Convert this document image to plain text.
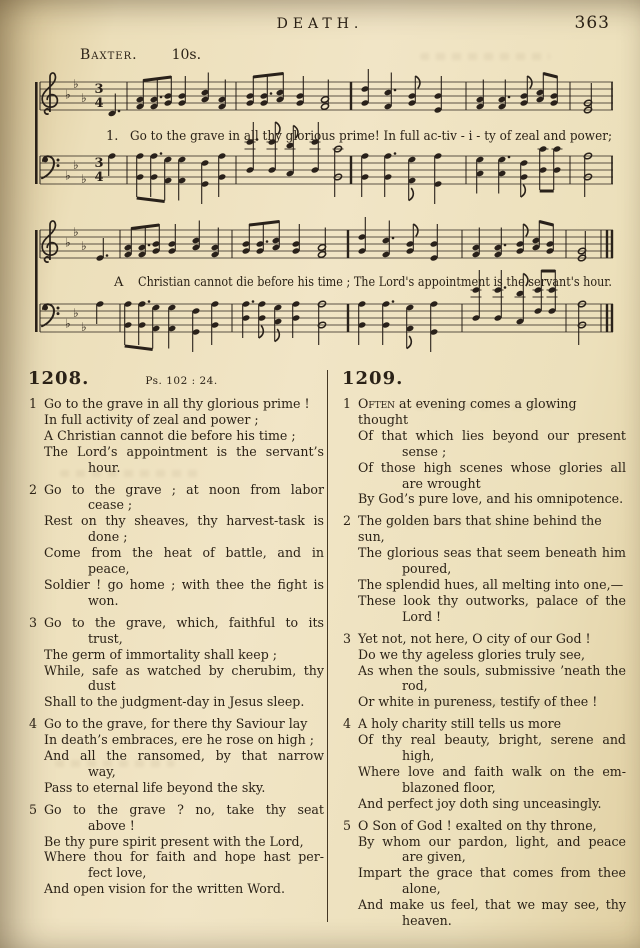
DEATH.	363
Baxter. 10s.
♭
♭
♭
3
4
♭
♭
♭
3
4
1. Go to the grave in all thy glorious prime! In full ac-tiv - i - ty of zeal and power;
♭
♭
♭
♭
♭
♭
A Christian cannot die before his time ; The Lord's appointment is the servant's hour.
1208.	Ps. 102 : 24.
1 Go to the grave in all thy glorious prime !
In full activity of zeal and power ;
A Christian cannot die before his time ;
The Lord’s appointment is the servant’s
hour.
2 Go to the grave ; at noon from labor
cease ;
Rest on thy sheaves, thy harvest-task is
done ;
Come from the heat of battle, and in
peace,
Soldier ! go home ; with thee the fight is
won.
3 Go to the grave, which, faithful to its
trust,
The germ of immortality shall keep ;
While, safe as watched by cherubim, thy
dust
Shall to the judgment-day in Jesus sleep.
4 Go to the grave, for there thy Saviour lay
In death’s embraces, ere he rose on high ;
And all the ransomed, by that narrow
way,
Pass to eternal life beyond the sky.
5 Go to the grave ? no, take thy seat
above !
Be thy pure spirit present with the Lord,
Where thou for faith and hope hast per-
fect love,
And open vision for the written Word.
1209.
1 Often at evening comes a glowing thought
Of that which lies beyond our present
sense ;
Of those high scenes whose glories all
are wrought
By God’s pure love, and his omnipotence.
2 The golden bars that shine behind the sun,
The glorious seas that seem beneath him
poured,
The splendid hues, all melting into one,—
These look thy outworks, palace of the
Lord !
3 Yet not, not here, O city of our God !
Do we thy ageless glories truly see,
As when the souls, submissive ’neath the
rod,
Or white in pureness, testify of thee !
4 A holy charity still tells us more
Of thy real beauty, bright, serene and
high,
Where love and faith walk on the em-
blazoned floor,
And perfect joy doth sing unceasingly.
5 O Son of God ! exalted on thy throne,
By whom our pardon, light, and peace
are given,
Impart the grace that comes from thee
alone,
And make us feel, that we may see, thy
heaven.
